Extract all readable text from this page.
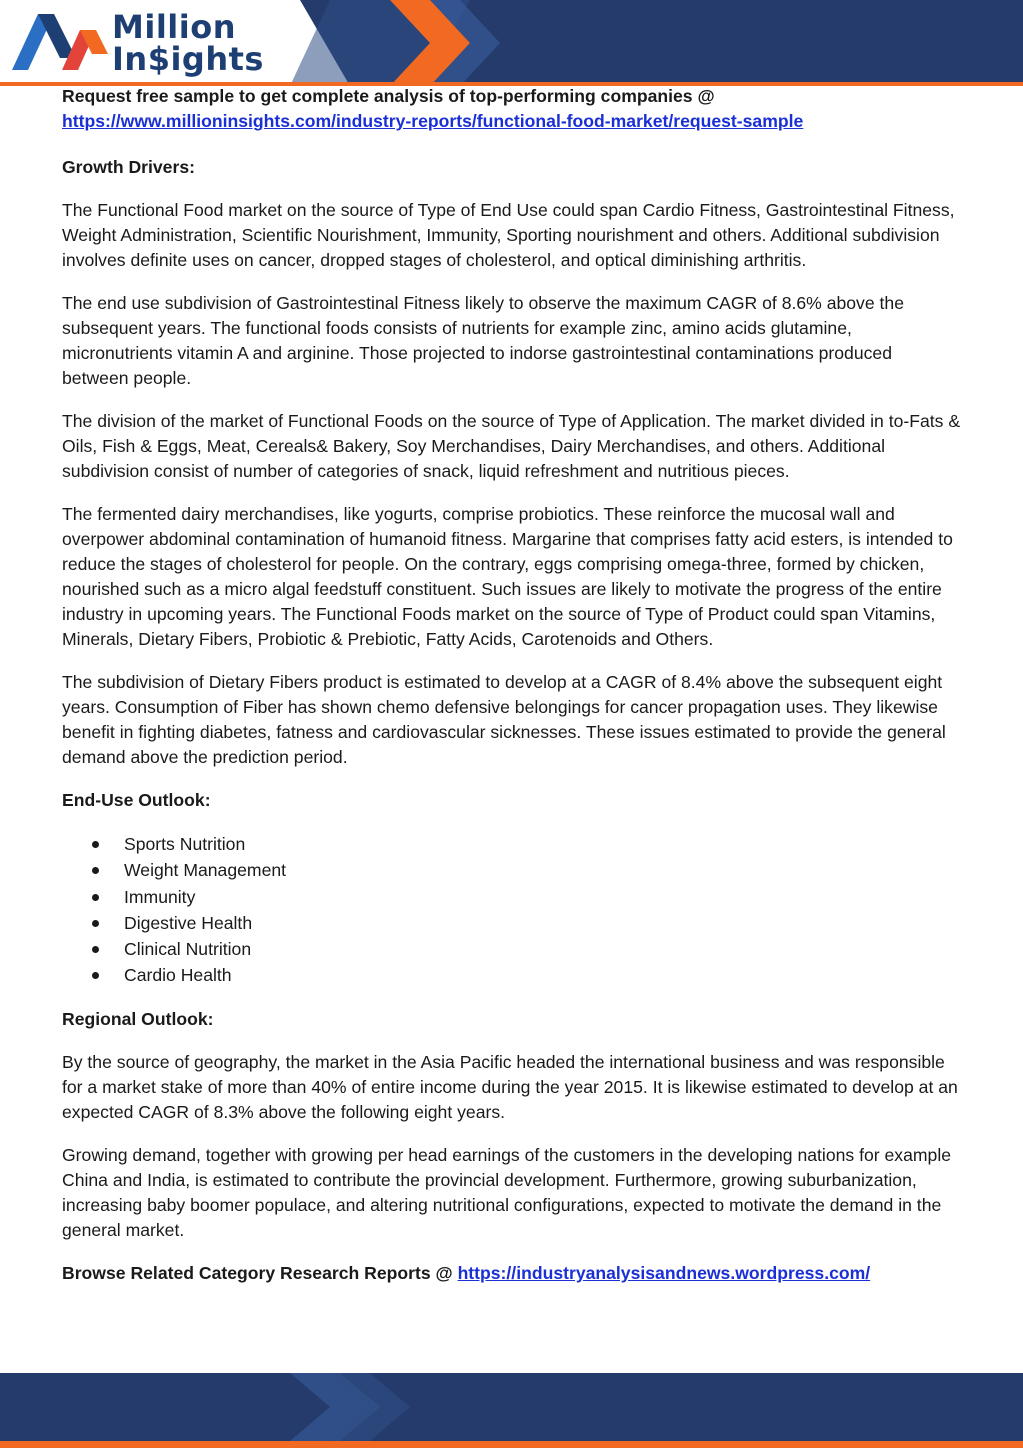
Million
In$ights
Request free sample to get complete analysis of top-performing companies @
https://www.millioninsights.com/industry-reports/functional-food-market/request-sample
Growth Drivers:

The Functional Food market on the source of Type of End Use could span Cardio Fitness, Gastrointestinal Fitness, Weight Administration, Scientific Nourishment, Immunity, Sporting nourishment and others. Additional subdivision involves definite uses on cancer, dropped stages of cholesterol, and optical diminishing arthritis.

The end use subdivision of Gastrointestinal Fitness likely to observe the maximum CAGR of 8.6% above the subsequent years. The functional foods consists of nutrients for example zinc, amino acids glutamine, micronutrients vitamin A and arginine. Those projected to indorse gastrointestinal contaminations produced between people.

The division of the market of Functional Foods on the source of Type of Application. The market divided in to-Fats & Oils, Fish & Eggs, Meat, Cereals& Bakery, Soy Merchandises, Dairy Merchandises, and others. Additional subdivision consist of number of categories of snack, liquid refreshment and nutritious pieces.

The fermented dairy merchandises, like yogurts, comprise probiotics. These reinforce the mucosal wall and overpower abdominal contamination of humanoid fitness. Margarine that comprises fatty acid esters, is intended to reduce the stages of cholesterol for people. On the contrary, eggs comprising omega-three, formed by chicken, nourished such as a micro algal feedstuff constituent. Such issues are likely to motivate the progress of the entire industry in upcoming years. The Functional Foods market on the source of Type of Product could span Vitamins, Minerals, Dietary Fibers, Probiotic & Prebiotic, Fatty Acids, Carotenoids and Others.

The subdivision of Dietary Fibers product is estimated to develop at a CAGR of 8.4% above the subsequent eight years. Consumption of Fiber has shown chemo defensive belongings for cancer propagation uses. They likewise benefit in fighting diabetes, fatness and cardiovascular sicknesses. These issues estimated to provide the general demand above the prediction period.

End-Use Outlook:
Sports Nutrition
Weight Management
Immunity
Digestive Health
Clinical Nutrition
Cardio Health
Regional Outlook:

By the source of geography, the market in the Asia Pacific headed the international business and was responsible for a market stake of more than 40% of entire income during the year 2015. It is likewise estimated to develop at an expected CAGR of 8.3% above the following eight years.

Growing demand, together with growing per head earnings of the customers in the developing nations for example China and India, is estimated to contribute the provincial development. Furthermore, growing suburbanization, increasing baby boomer populace, and altering nutritional configurations, expected to motivate the demand in the general market.

Browse Related Category Research Reports @ https://industryanalysisandnews.wordpress.com/
